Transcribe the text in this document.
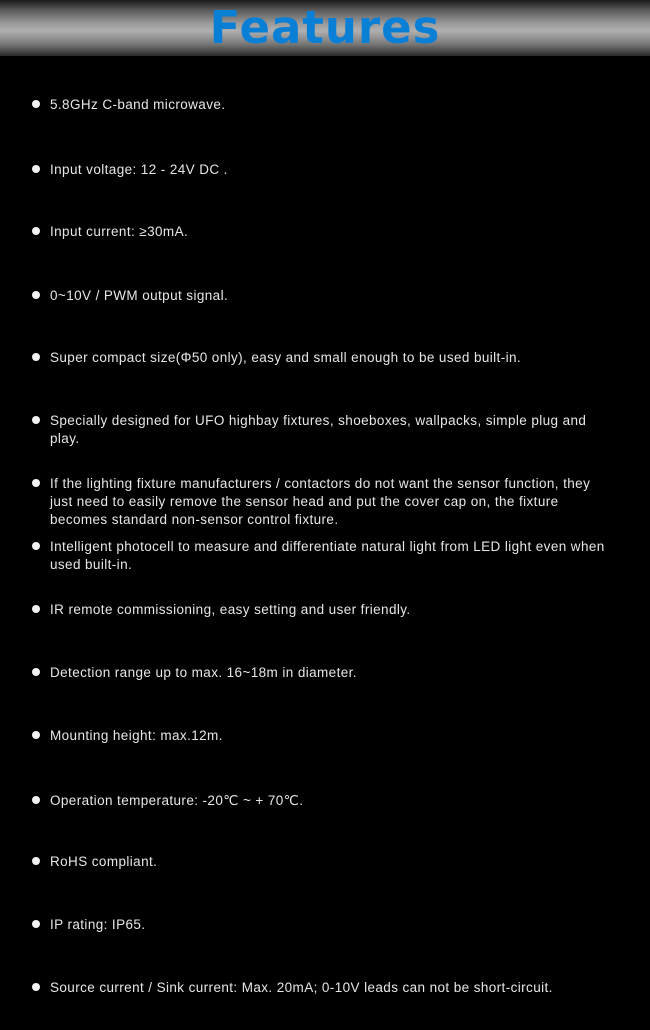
Features
5.8GHz C-band microwave.
Input voltage: 12 - 24V DC .
Input current: ≥30mA.
0~10V / PWM output signal.
Super compact size(Φ50 only), easy and small enough to be used built-in.
Specially designed for UFO highbay fixtures, shoeboxes, wallpacks, simple plug and play.
If the lighting fixture manufacturers / contactors do not want the sensor function, they just need to easily remove the sensor head and put the cover cap on, the fixture becomes standard non-sensor control fixture.
Intelligent photocell to measure and differentiate natural light from LED light even when used built-in.
IR remote commissioning, easy setting and user friendly.
Detection range up to max. 16~18m in diameter.
Mounting height: max.12m.
Operation temperature: -20℃ ~ + 70℃.
RoHS compliant.
IP rating: IP65.
Source current / Sink current: Max. 20mA; 0-10V leads can not be short-circuit.
